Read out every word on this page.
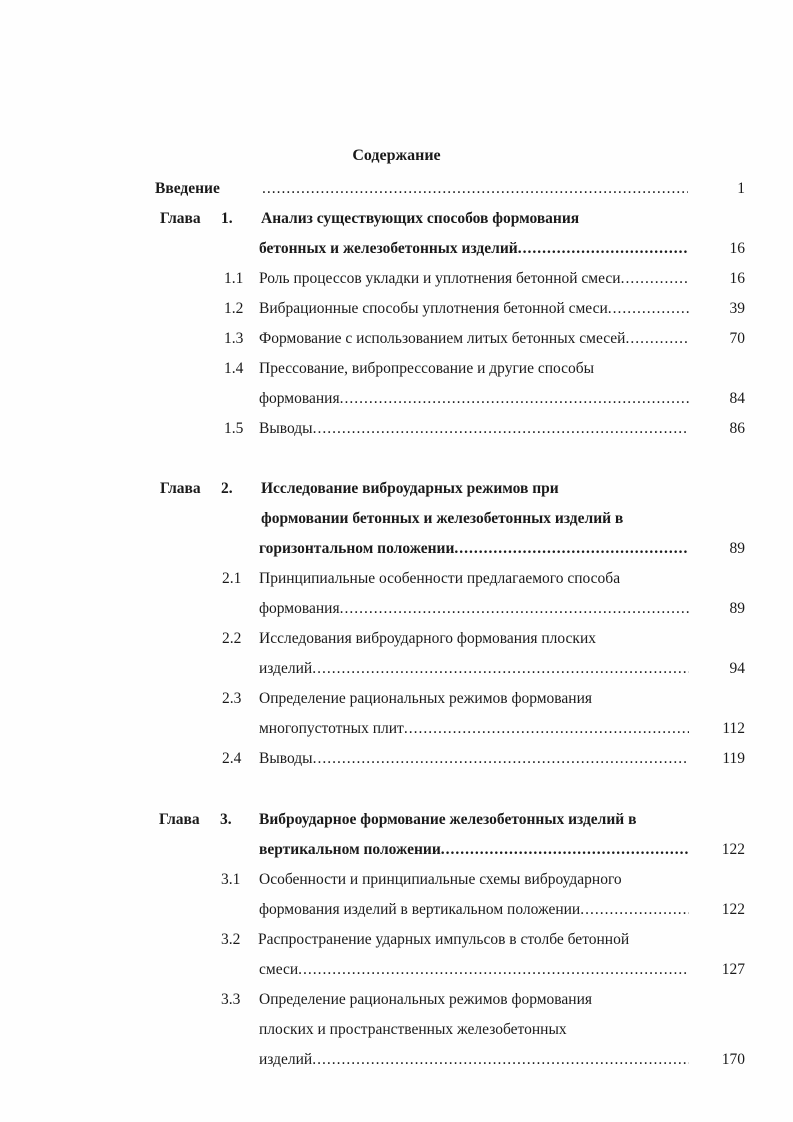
Содержание
Введение .....	1
Глава 1. Анализ существующих способов формования
бетонных и железобетонных изделий .....	16
1.1 Роль процессов укладки и уплотнения бетонной смеси .....	16
1.2 Вибрационные способы уплотнения бетонной смеси .....	39
1.3 Формование с использованием литых бетонных смесей .....	70
1.4 Прессование, вибропрессование и другие способы
формования .....	84
1.5 Выводы .....	86
Глава 2. Исследование виброударных режимов при
формовании бетонных и железобетонных изделий в
горизонтальном положении .....	89
2.1 Принципиальные особенности предлагаемого способа
формования .....	89
2.2 Исследования виброударного формования плоских
изделий .....	94
2.3 Определение рациональных режимов формования
многопустотных плит .....	112
2.4 Выводы .....	119
Глава 3. Виброударное формование железобетонных изделий в
вертикальном положении .....	122
3.1 Особенности и принципиальные схемы виброударного
формования изделий в вертикальном положении .....	122
3.2 Распространение ударных импульсов в столбе бетонной
смеси .....	127
3.3 Определение рациональных режимов формования
плоских и пространственных железобетонных
изделий .....	170
